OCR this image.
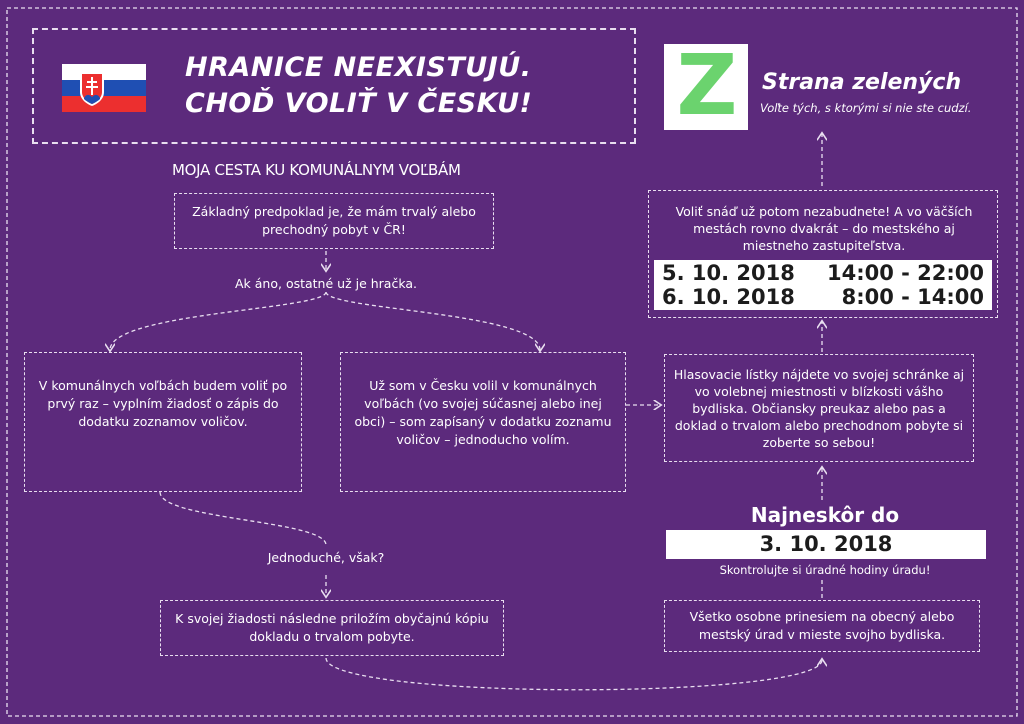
HRANICE NEEXISTUJÚ.
CHOĎ VOLIŤ V ČESKU! Z Strana zelených
Voľte tých, s ktorými si nie ste cudzí.
MOJA CESTA KU KOMUNÁLNYM VOĽBÁM
Základný predpoklad je, že mám trvalý alebo prechodný pobyt v ČR!
Ak áno, ostatné už je hračka.
V komunálnych voľbách budem voliť po prvý raz – vyplním žiadosť o zápis do dodatku zoznamov voličov.
Už som v Česku volil v komunálnych voľbách (vo svojej súčasnej alebo inej obci) – som zapísaný v dodatku zoznamu voličov – jednoducho volím.
Jednoduché, však?
K svojej žiadosti následne priložím obyčajnú kópiu dokladu o trvalom pobyte.
Všetko osobne prinesiem na obecný alebo mestský úrad v mieste svojho bydliska.
Najneskôr do
3. 10. 2018
Skontrolujte si úradné hodiny úradu!
Hlasovacie lístky nájdete vo svojej schránke aj vo volebnej miestnosti v blízkosti vášho bydliska. Občiansky preukaz alebo pas a doklad o trvalom alebo prechodnom pobyte si zoberte so sebou!
Voliť snáď už potom nezabudnete! A vo väčších mestách rovno dvakrát – do mestského aj miestneho zastupiteľstva.
5. 10. 2018 14:00 - 22:00
6. 10. 2018 8:00 - 14:00
